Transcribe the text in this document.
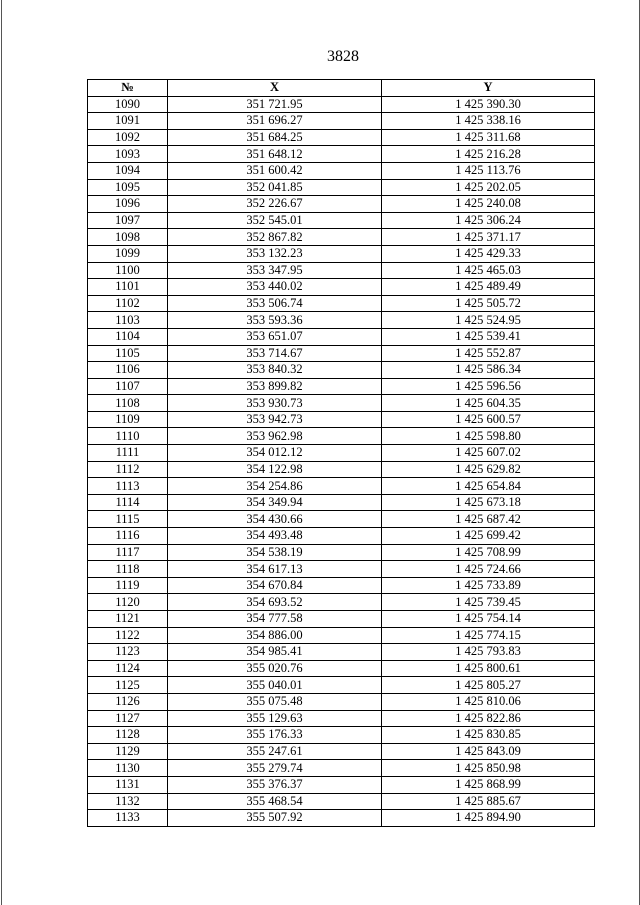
3828
№	X	Y
1090	351 721.95	1 425 390.30
1091	351 696.27	1 425 338.16
1092	351 684.25	1 425 311.68
1093	351 648.12	1 425 216.28
1094	351 600.42	1 425 113.76
1095	352 041.85	1 425 202.05
1096	352 226.67	1 425 240.08
1097	352 545.01	1 425 306.24
1098	352 867.82	1 425 371.17
1099	353 132.23	1 425 429.33
1100	353 347.95	1 425 465.03
1101	353 440.02	1 425 489.49
1102	353 506.74	1 425 505.72
1103	353 593.36	1 425 524.95
1104	353 651.07	1 425 539.41
1105	353 714.67	1 425 552.87
1106	353 840.32	1 425 586.34
1107	353 899.82	1 425 596.56
1108	353 930.73	1 425 604.35
1109	353 942.73	1 425 600.57
1110	353 962.98	1 425 598.80
1111	354 012.12	1 425 607.02
1112	354 122.98	1 425 629.82
1113	354 254.86	1 425 654.84
1114	354 349.94	1 425 673.18
1115	354 430.66	1 425 687.42
1116	354 493.48	1 425 699.42
1117	354 538.19	1 425 708.99
1118	354 617.13	1 425 724.66
1119	354 670.84	1 425 733.89
1120	354 693.52	1 425 739.45
1121	354 777.58	1 425 754.14
1122	354 886.00	1 425 774.15
1123	354 985.41	1 425 793.83
1124	355 020.76	1 425 800.61
1125	355 040.01	1 425 805.27
1126	355 075.48	1 425 810.06
1127	355 129.63	1 425 822.86
1128	355 176.33	1 425 830.85
1129	355 247.61	1 425 843.09
1130	355 279.74	1 425 850.98
1131	355 376.37	1 425 868.99
1132	355 468.54	1 425 885.67
1133	355 507.92	1 425 894.90
